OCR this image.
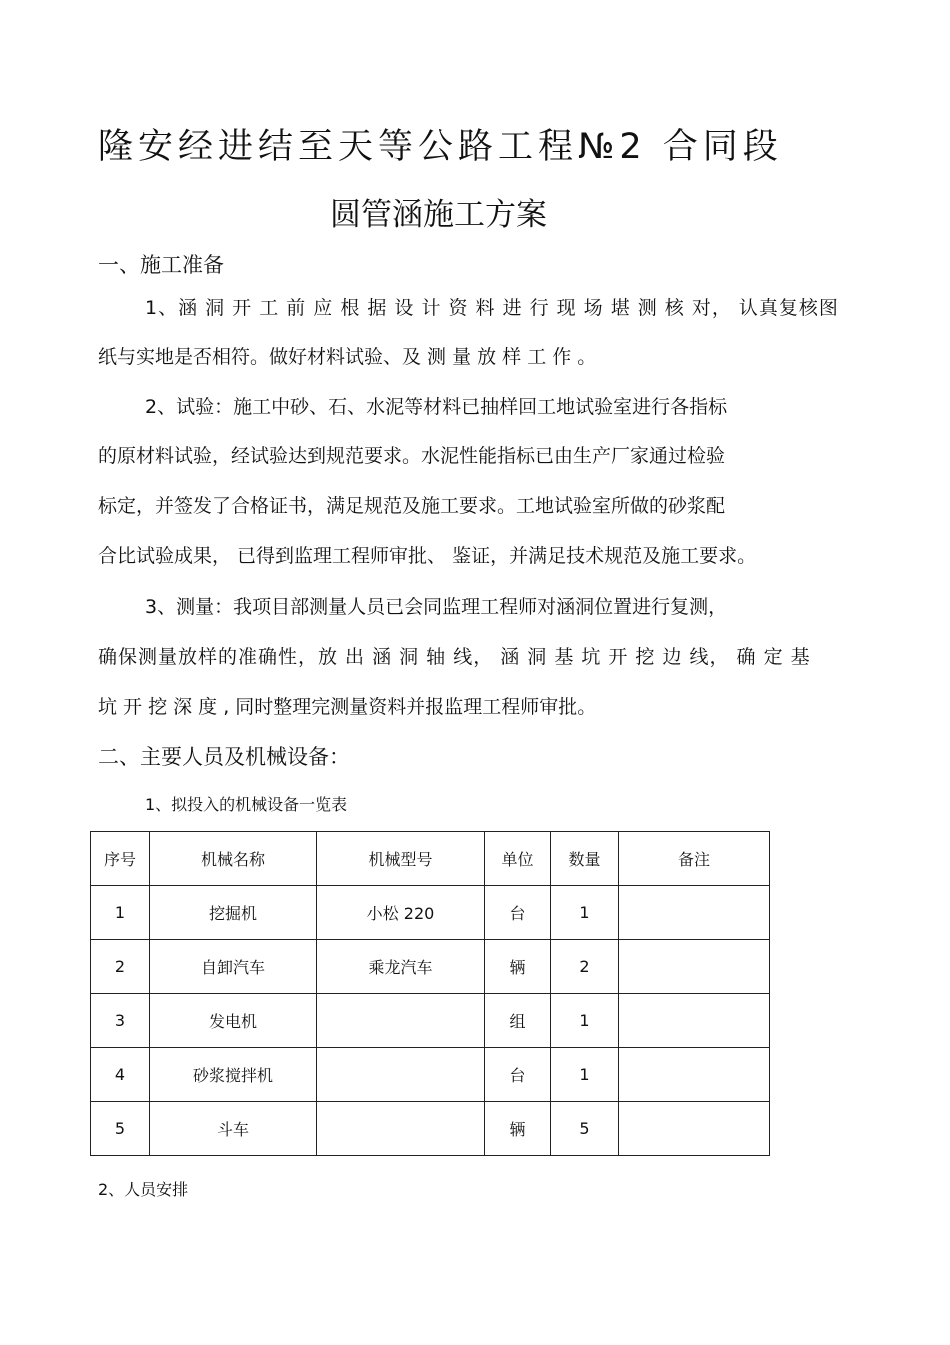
隆安经进结至天等公路工程№2 合同段
圆管涵施工方案
一、施工准备
1、涵 洞 开 工 前 应 根 据 设 计 资 料 进 行 现 场 堪 测 核 对， 认真复核图
纸与实地是否相符。做好材料试验、及 测 量 放 样 工 作 。
2、试验：施工中砂、石、水泥等材料已抽样回工地试验室进行各指标
的原材料试验，经试验达到规范要求。水泥性能指标已由生产厂家通过检验
标定，并签发了合格证书，满足规范及施工要求。工地试验室所做的砂浆配
合比试验成果， 已得到监理工程师审批、 鉴证，并满足技术规范及施工要求。
3、测量：我项目部测量人员已会同监理工程师对涵洞位置进行复测，
确保测量放样的准确性，放 出 涵 洞 轴 线， 涵 洞 基 坑 开 挖 边 线， 确 定 基
坑 开 挖 深 度 , 同时整理完测量资料并报监理工程师审批。
二、主要人员及机械设备：
1、拟投入的机械设备一览表
序号	机械名称	机械型号	单位	数量	备注
1	挖掘机	小松 220	台	1	
2	自卸汽车	乘龙汽车	辆	2	
3	发电机		组	1	
4	砂浆搅拌机		台	1	
5	斗车		辆	5	
2、人员安排
